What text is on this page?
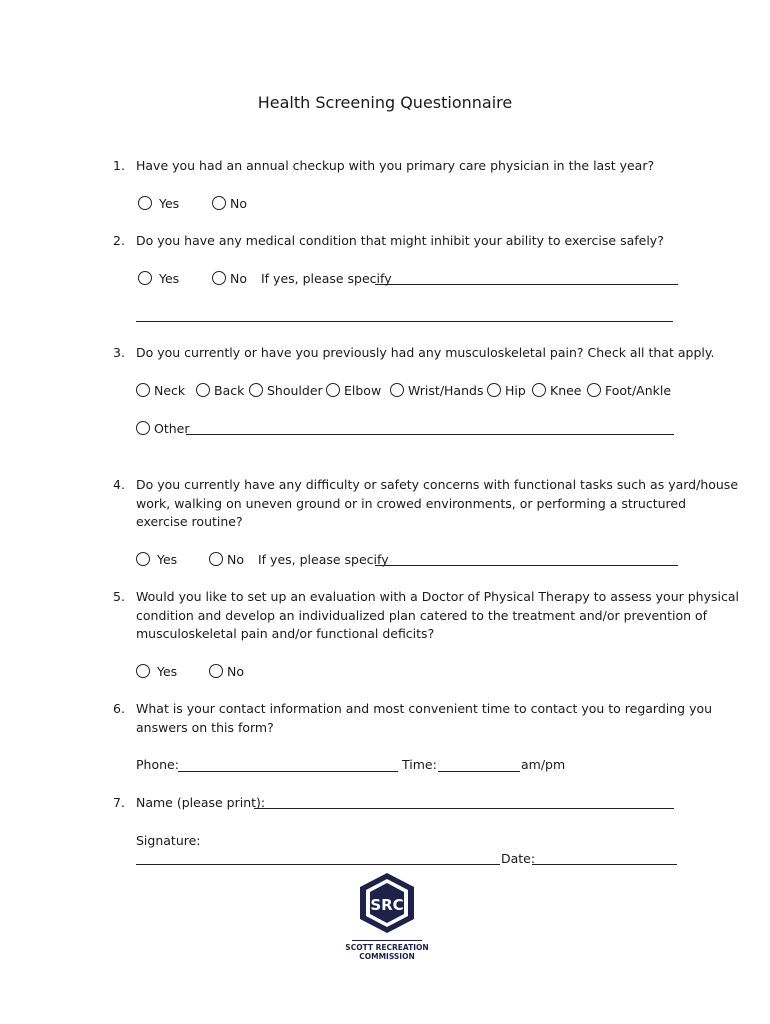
Health Screening Questionnaire
1. Have you had an annual checkup with you primary care physician in the last year?
Yes	No
2. Do you have any medical condition that might inhibit your ability to exercise safely?
Yes	No If yes, please specify
3. Do you currently or have you previously had any musculoskeletal pain? Check all that apply.
Neck	Back	Shoulder	Elbow	Wrist/Hands	Hip	Knee	Foot/Ankle
Other
4. Do you currently have any difficulty or safety concerns with functional tasks such as yard/house
work, walking on uneven ground or in crowed environments, or performing a structured
exercise routine?
Yes	No If yes, please specify
5. Would you like to set up an evaluation with a Doctor of Physical Therapy to assess your physical
condition and develop an individualized plan catered to the treatment and/or prevention of
musculoskeletal pain and/or functional deficits?
Yes	No
6. What is your contact information and most convenient time to contact you to regarding you
answers on this form?
Phone:	Time:	am/pm
7. Name (please print):
Signature:
Date:
SRC
SCOTT RECREATION
COMMISSION
